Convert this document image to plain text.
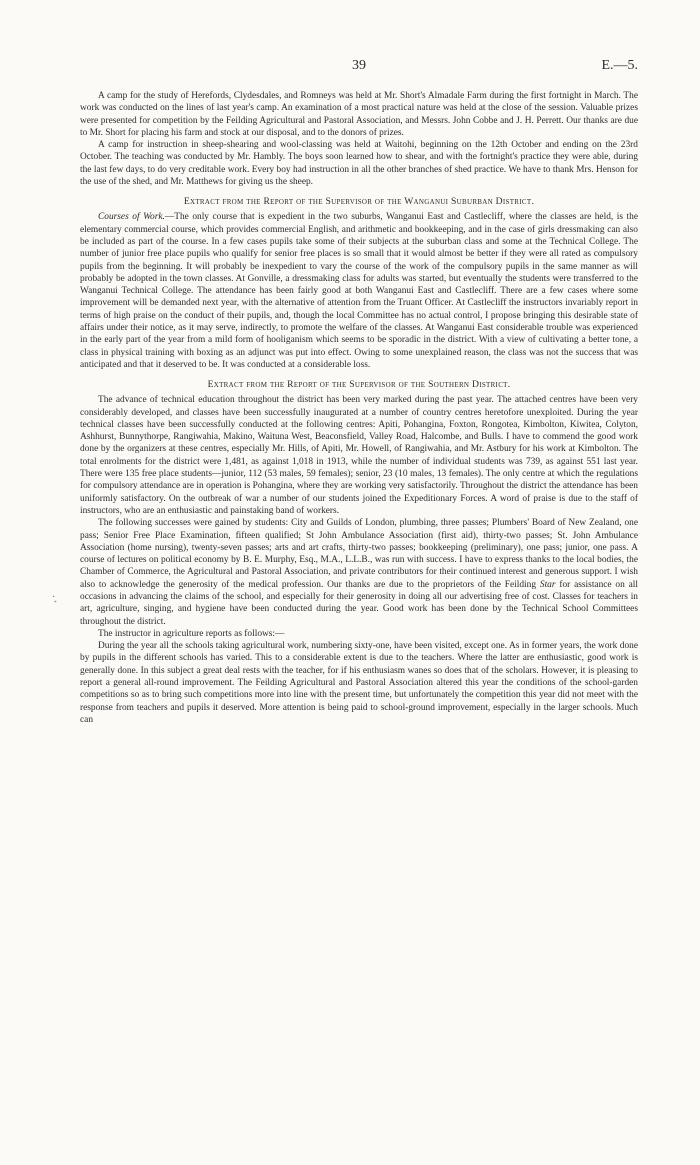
39	E.—5.

A camp for the study of Herefords, Clydesdales, and Romneys was held at Mr. Short's Almadale Farm during the first fortnight in March. The work was conducted on the lines of last year's camp. An examination of a most practical nature was held at the close of the session. Valuable prizes were presented for competition by the Feilding Agricultural and Pastoral Association, and Messrs. John Cobbe and J. H. Perrett. Our thanks are due to Mr. Short for placing his farm and stock at our disposal, and to the donors of prizes.

A camp for instruction in sheep-shearing and wool-classing was held at Waitohi, beginning on the 12th October and ending on the 23rd October. The teaching was conducted by Mr. Hambly. The boys soon learned how to shear, and with the fortnight's practice they were able, during the last few days, to do very creditable work. Every boy had instruction in all the other branches of shed practice. We have to thank Mrs. Henson for the use of the shed, and Mr. Matthews for giving us the sheep.

Extract from the Report of the Supervisor of the Wanganui Suburban District.

Courses of Work.—The only course that is expedient in the two suburbs, Wanganui East and Castlecliff, where the classes are held, is the elementary commercial course, which provides commercial English, and arithmetic and bookkeeping, and in the case of girls dressmaking can also be included as part of the course. In a few cases pupils take some of their subjects at the suburban class and some at the Technical College. The number of junior free place pupils who qualify for senior free places is so small that it would almost be better if they were all rated as compulsory pupils from the beginning. It will probably be inexpedient to vary the course of the work of the compulsory pupils in the same manner as will probably be adopted in the town classes. At Gonville, a dressmaking class for adults was started, but eventually the students were transferred to the Wanganui Technical College. The attendance has been fairly good at both Wanganui East and Castlecliff. There are a few cases where some improvement will be demanded next year, with the alternative of attention from the Truant Officer. At Castlecliff the instructors invariably report in terms of high praise on the conduct of their pupils, and, though the local Committee has no actual control, I propose bringing this desirable state of affairs under their notice, as it may serve, indirectly, to promote the welfare of the classes. At Wanganui East considerable trouble was experienced in the early part of the year from a mild form of hooliganism which seems to be sporadic in the district. With a view of cultivating a better tone, a class in physical training with boxing as an adjunct was put into effect. Owing to some unexplained reason, the class was not the success that was anticipated and that it deserved to be. It was conducted at a considerable loss.

Extract from the Report of the Supervisor of the Southern District.

The advance of technical education throughout the district has been very marked during the past year. The attached centres have been very considerably developed, and classes have been successfully inaugurated at a number of country centres heretofore unexploited. During the year technical classes have been successfully conducted at the following centres: Apiti, Pohangina, Foxton, Rongotea, Kimbolton, Kiwitea, Colyton, Ashhurst, Bunnythorpe, Rangiwahia, Makino, Waituna West, Beaconsfield, Valley Road, Halcombe, and Bulls. I have to commend the good work done by the organizers at these centres, especially Mr. Hills, of Apiti, Mr. Howell, of Rangiwahia, and Mr. Astbury for his work at Kimbolton. The total enrolments for the district were 1,481, as against 1,018 in 1913, while the number of individual students was 739, as against 551 last year. There were 135 free place students—junior, 112 (53 males, 59 females); senior, 23 (10 males, 13 females). The only centre at which the regulations for compulsory attendance are in operation is Pohangina, where they are working very satisfactorily. Throughout the district the attendance has been uniformly satisfactory. On the outbreak of war a number of our students joined the Expeditionary Forces. A word of praise is due to the staff of instructors, who are an enthusiastic and painstaking band of workers.

The following successes were gained by students: City and Guilds of London, plumbing, three passes; Plumbers' Board of New Zealand, one pass; Senior Free Place Examination, fifteen qualified; St John Ambulance Association (first aid), thirty-two passes; St. John Ambulance Association (home nursing), twenty-seven passes; arts and art crafts, thirty-two passes; bookkeeping (preliminary), one pass; junior, one pass. A course of lectures on political economy by B. E. Murphy, Esq., M.A., L.L.B., was run with success. I have to express thanks to the local bodies, the Chamber of Commerce, the Agricultural and Pastoral Association, and private contributors for their continued interest and generous support. I wish also to acknowledge the generosity of the medical profession. Our thanks are due to the proprietors of the Feilding Star for assistance on all occasions in advancing the claims of the school, and especially for their generosity in doing all our advertising free of cost. Classes for teachers in art, agriculture, singing, and hygiene have been conducted during the year. Good work has been done by the Technical School Committees throughout the district.

The instructor in agriculture reports as follows:—

During the year all the schools taking agricultural work, numbering sixty-one, have been visited, except one. As in former years, the work done by pupils in the different schools has varied. This to a considerable extent is due to the teachers. Where the latter are enthusiastic, good work is generally done. In this subject a great deal rests with the teacher, for if his enthusiasm wanes so does that of the scholars. However, it is pleasing to report a general all-round improvement. The Feilding Agricultural and Pastoral Association altered this year the conditions of the school-garden competitions so as to bring such competitions more into line with the present time, but unfortunately the competition this year did not meet with the response from teachers and pupils it deserved. More attention is being paid to school-ground improvement, especially in the larger schools. Much can

·͙
